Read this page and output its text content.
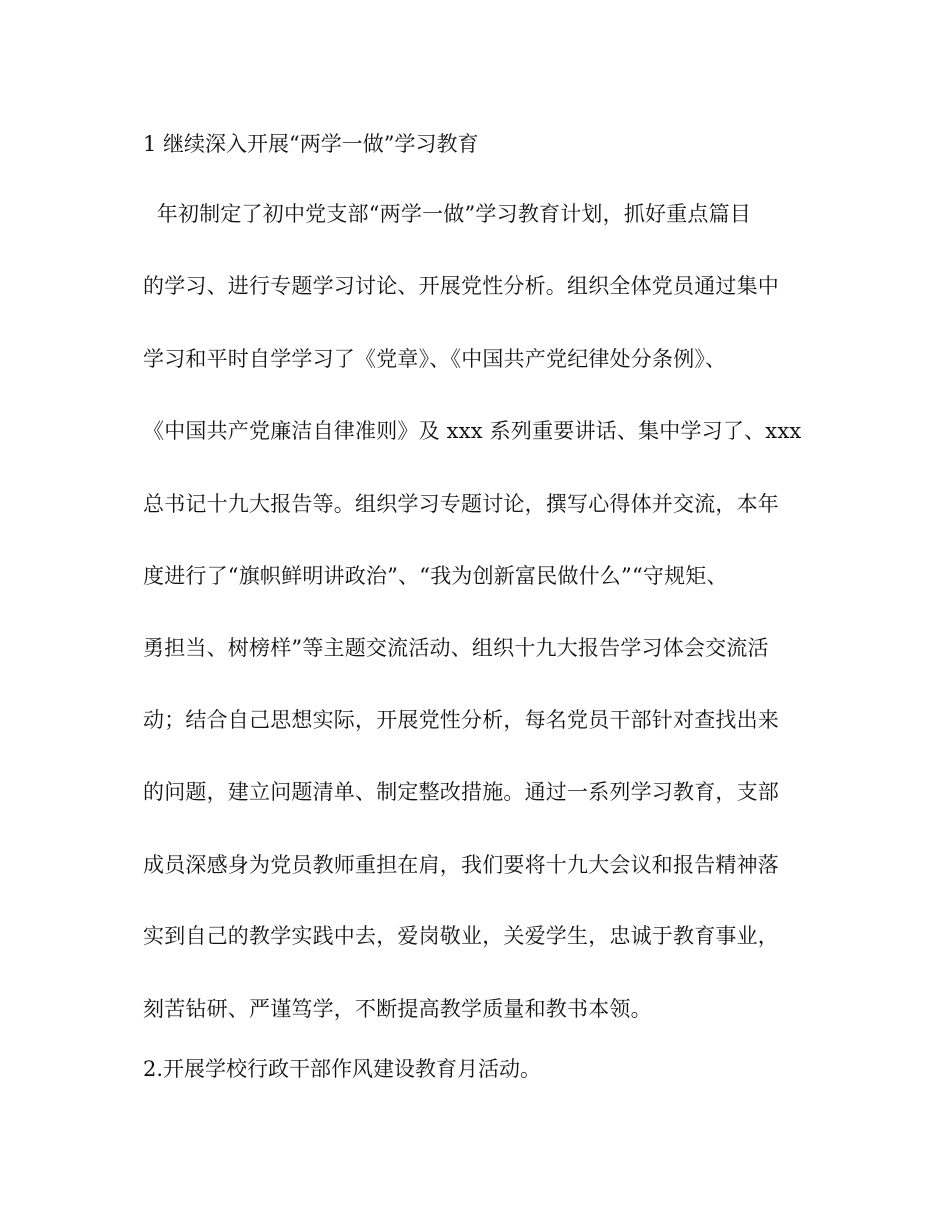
1 继续深入开展“两学一做”学习教育
年初制定了初中党支部“两学一做”学习教育计划，抓好重点篇目
的学习、进行专题学习讨论、开展党性分析。组织全体党员通过集中
学习和平时自学学习了《党章》、《中国共产党纪律处分条例》、
《中国共产党廉洁自律准则》及 xxx 系列重要讲话、集中学习了、xxx
总书记十九大报告等。组织学习专题讨论，撰写心得体并交流，本年
度进行了“旗帜鲜明讲政治”、“我为创新富民做什么”“守规矩、
勇担当、树榜样”等主题交流活动、组织十九大报告学习体会交流活
动；结合自己思想实际，开展党性分析，每名党员干部针对查找出来
的问题，建立问题清单、制定整改措施。通过一系列学习教育，支部
成员深感身为党员教师重担在肩，我们要将十九大会议和报告精神落
实到自己的教学实践中去，爱岗敬业，关爱学生，忠诚于教育事业，
刻苦钻研、严谨笃学，不断提高教学质量和教书本领。
2.开展学校行政干部作风建设教育月活动。
